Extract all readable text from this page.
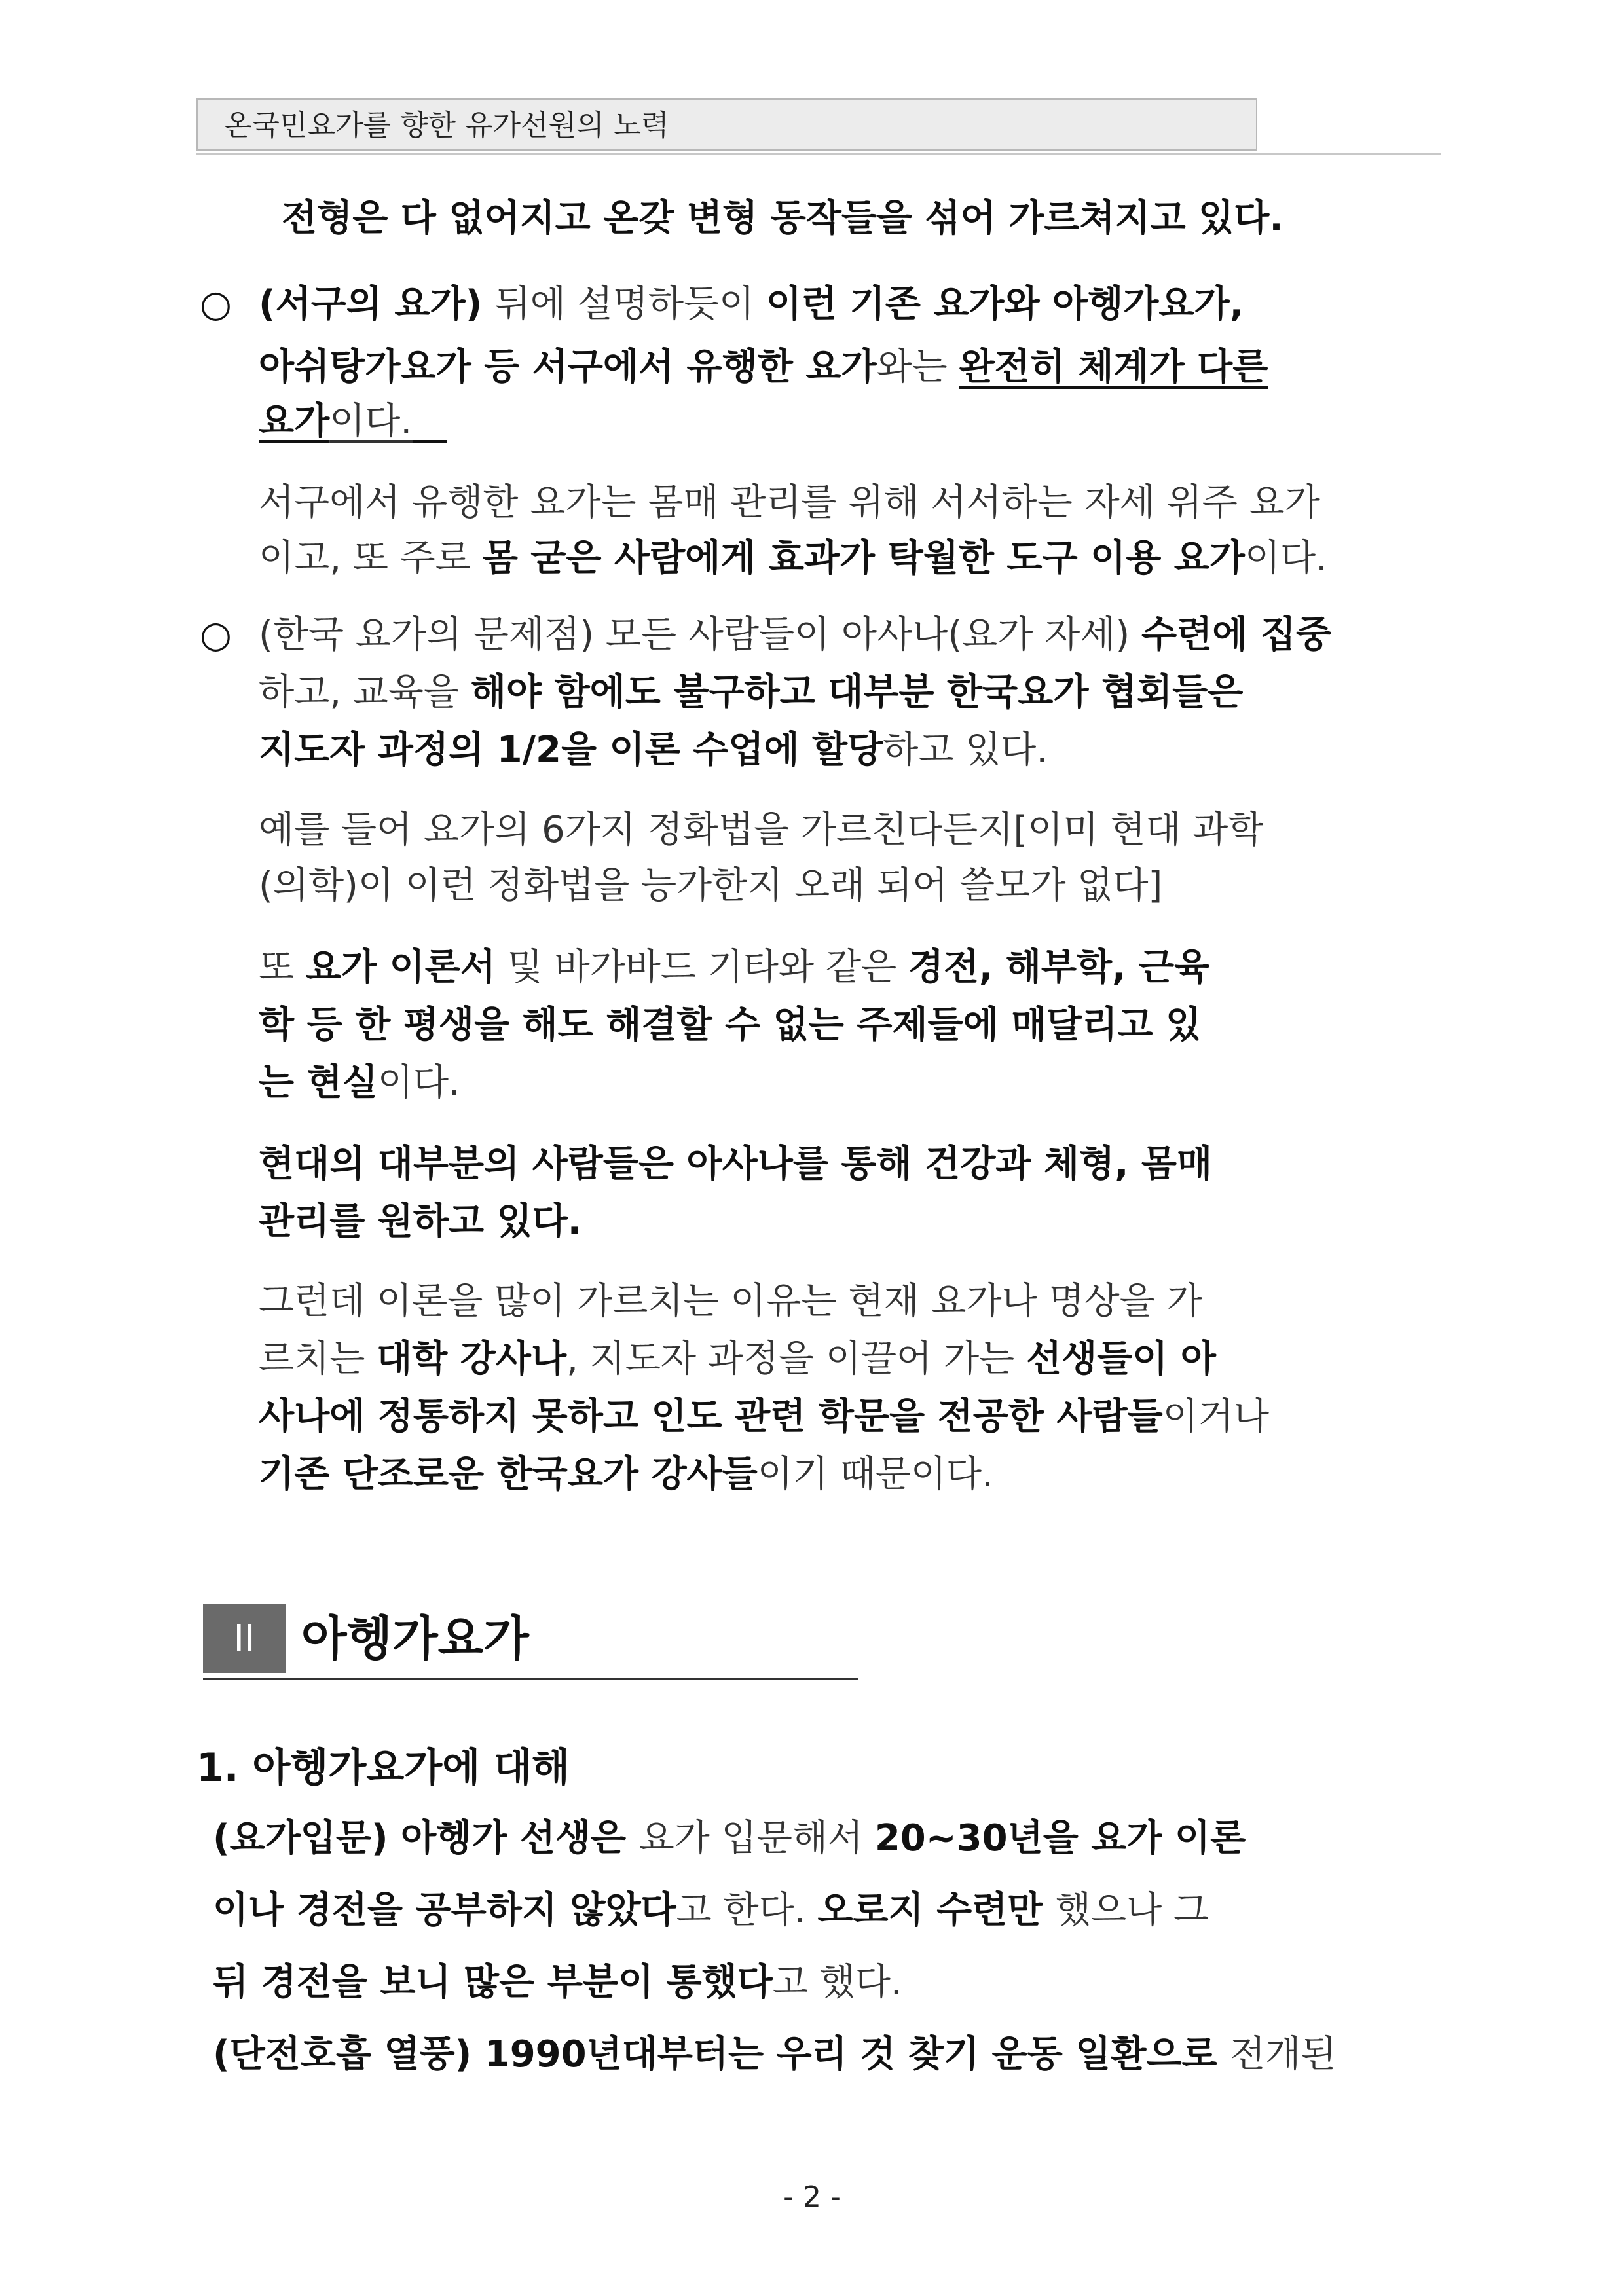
온국민요가를 향한 유가선원의 노력
전형은 다 없어지고 온갖 변형 동작들을 섞어 가르쳐지고 있다.
○ (서구의 요가) 뒤에 설명하듯이 이런 기존 요가와 아헹가요가,
아쉬탕가요가 등 서구에서 유행한 요가와는 완전히 체계가 다른
요가이다.
서구에서 유행한 요가는 몸매 관리를 위해 서서하는 자세 위주 요가
이고, 또 주로 몸 굳은 사람에게 효과가 탁월한 도구 이용 요가이다.
○ (한국 요가의 문제점) 모든 사람들이 아사나(요가 자세) 수련에 집중
하고, 교육을 해야 함에도 불구하고 대부분 한국요가 협회들은
지도자 과정의 1/2을 이론 수업에 할당하고 있다.
예를 들어 요가의 6가지 정화법을 가르친다든지[이미 현대 과학
(의학)이 이런 정화법을 능가한지 오래 되어 쓸모가 없다]
또 요가 이론서 및 바가바드 기타와 같은 경전, 해부학, 근육
학 등 한 평생을 해도 해결할 수 없는 주제들에 매달리고 있
는 현실이다.
현대의 대부분의 사람들은 아사나를 통해 건강과 체형, 몸매
관리를 원하고 있다.
그런데 이론을 많이 가르치는 이유는 현재 요가나 명상을 가
르치는 대학 강사나, 지도자 과정을 이끌어 가는 선생들이 아
사나에 정통하지 못하고 인도 관련 학문을 전공한 사람들이거나
기존 단조로운 한국요가 강사들이기 때문이다.
II 아헹가요가
1. 아헹가요가에 대해
(요가입문) 아헹가 선생은 요가 입문해서 20~30년을 요가 이론
이나 경전을 공부하지 않았다고 한다. 오로지 수련만 했으나 그
뒤 경전을 보니 많은 부분이 통했다고 했다.
(단전호흡 열풍) 1990년대부터는 우리 것 찾기 운동 일환으로 전개된
- 2 -
